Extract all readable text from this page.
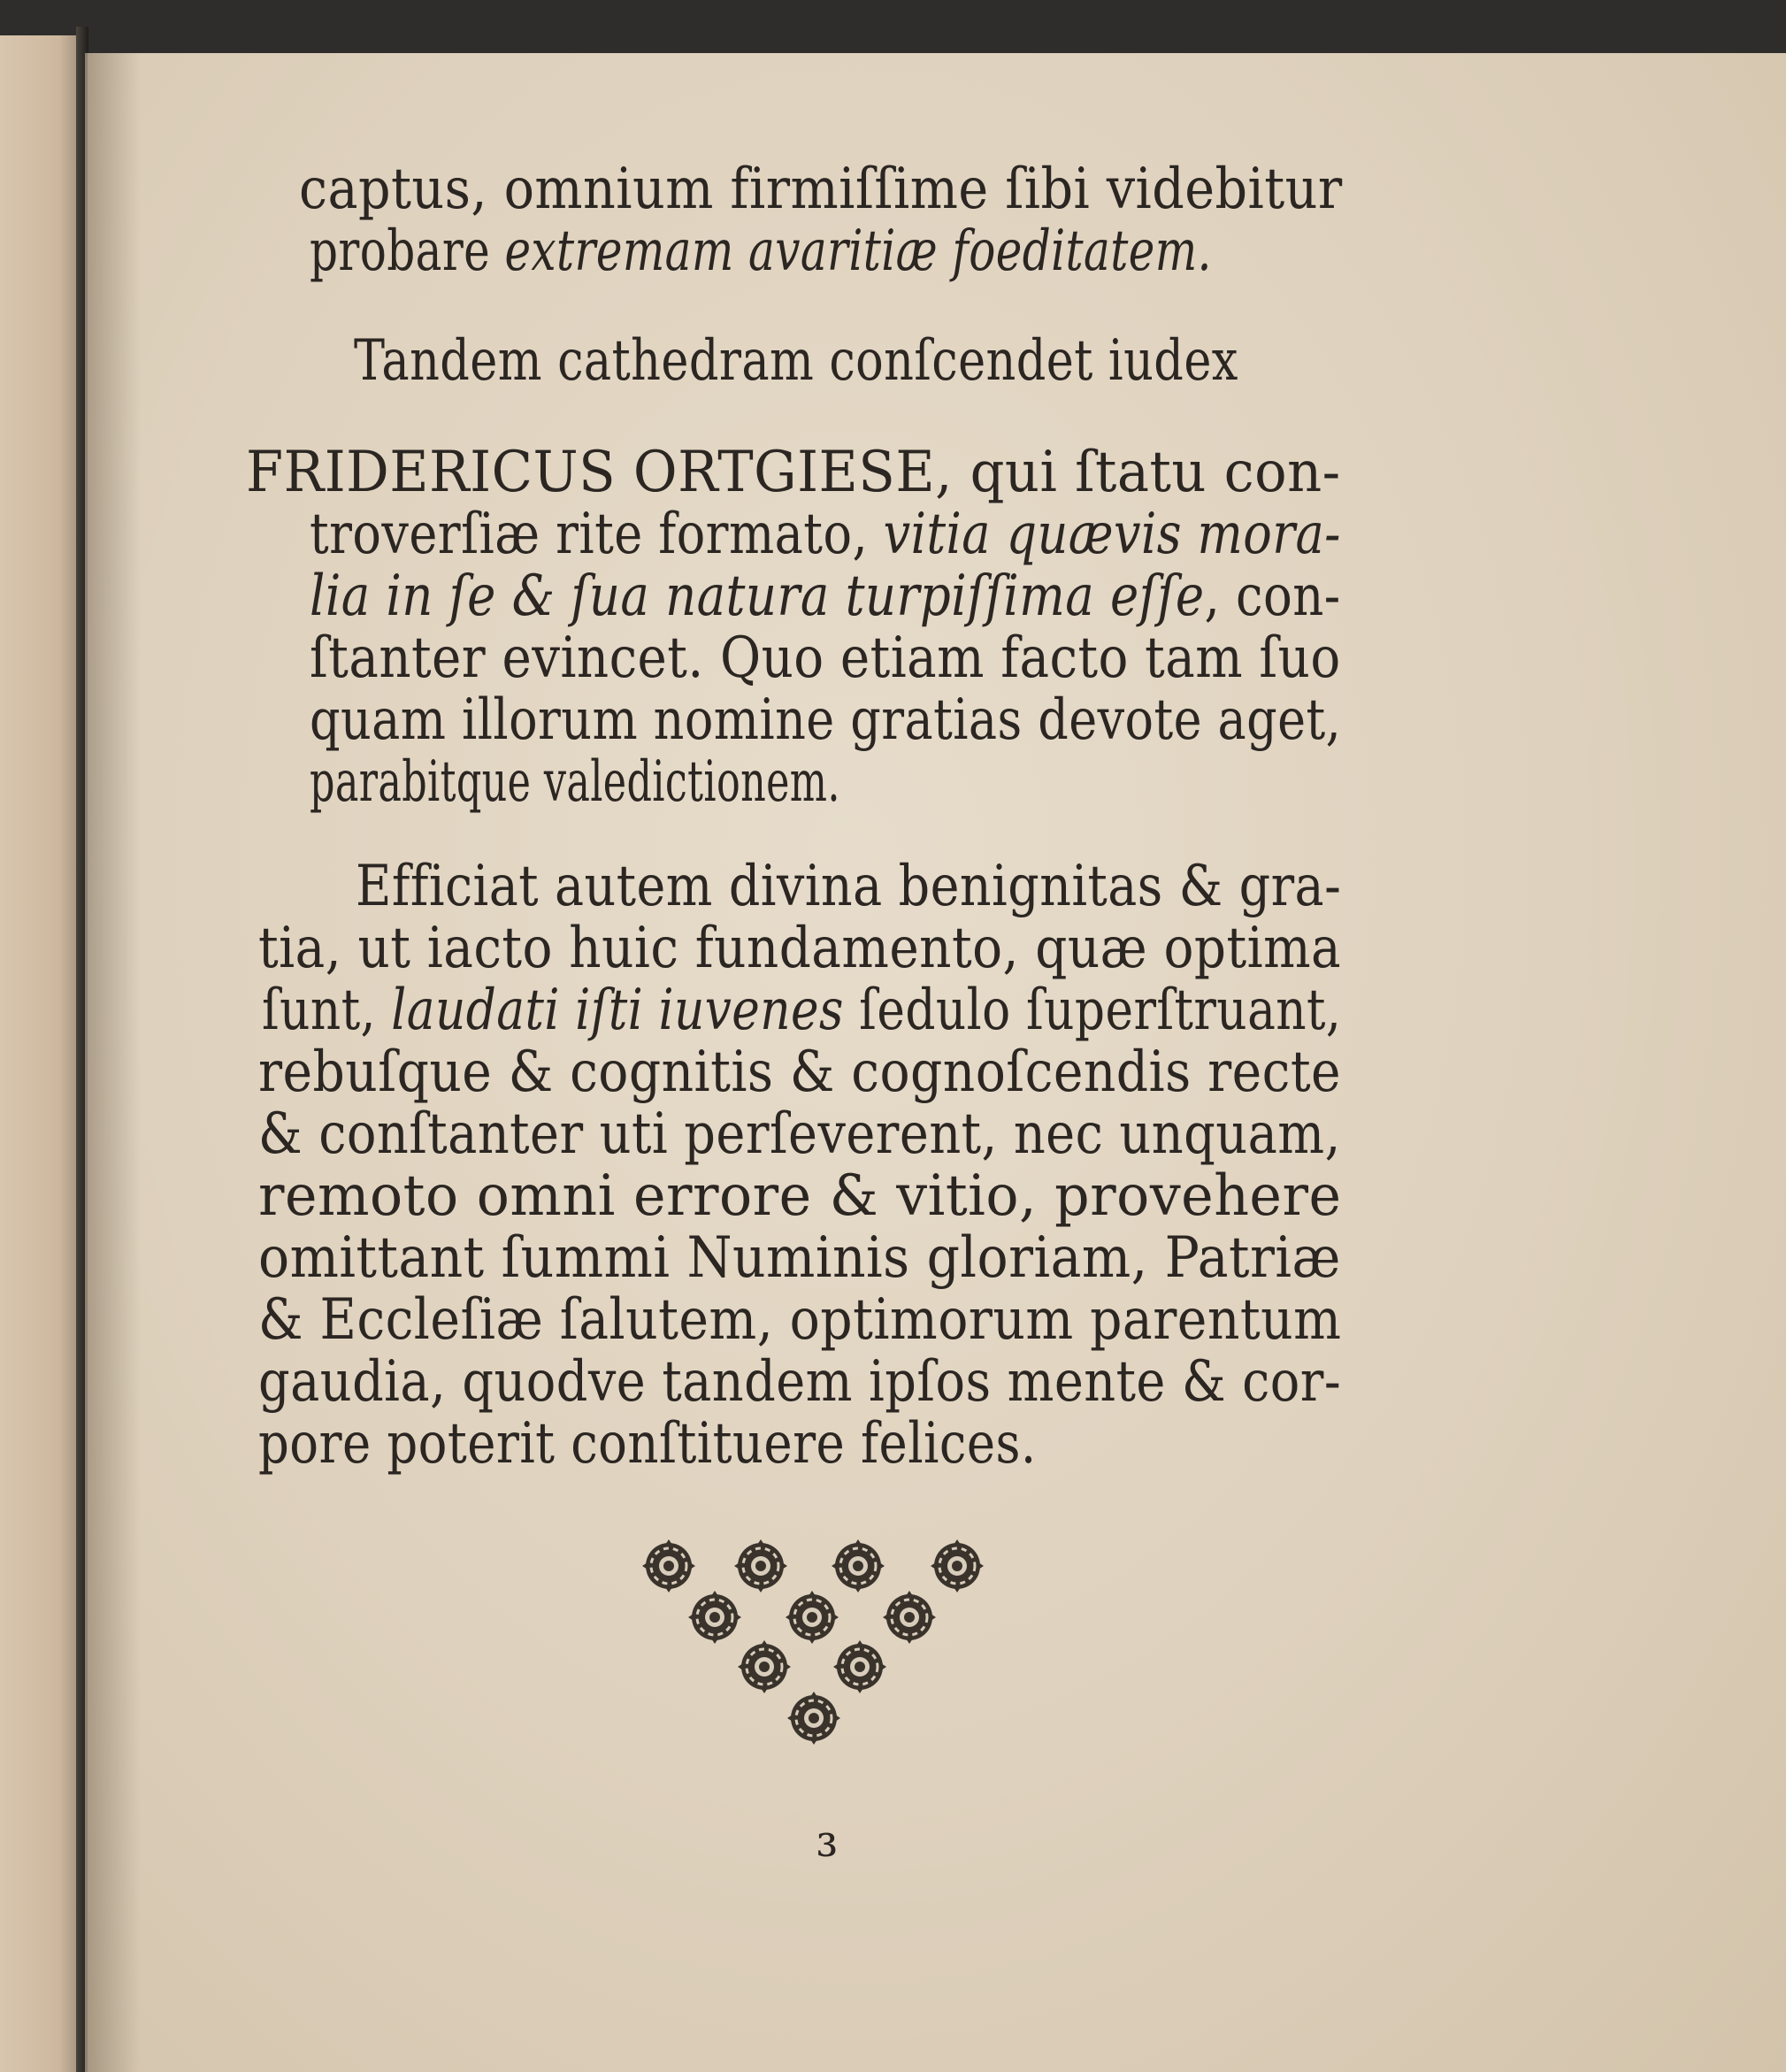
captus, omnium firmiſſime ſibi videbitur
probare extremam avaritiæ foeditatem.
Tandem cathedram conſcendet iudex
FRIDERICUS ORTGIESE, qui ſtatu con-
troverſiæ rite formato, vitia quævis mora-
lia in ſe & ſua natura turpiſſima eſſe, con-
ſtanter evincet. Quo etiam facto tam ſuo
quam illorum nomine gratias devote aget,
parabitque valedictionem.
Efficiat autem divina benignitas & gra-
tia, ut iacto huic fundamento, quæ optima
ſunt, laudati iſti iuvenes ſedulo ſuperſtruant,
rebuſque & cognitis & cognoſcendis recte
& conſtanter uti perſeverent, nec unquam,
remoto omni errore & vitio, provehere
omittant ſummi Numinis gloriam, Patriæ
& Eccleſiæ ſalutem, optimorum parentum
gaudia, quodve tandem ipſos mente & cor-
pore poterit conſtituere felices.
₃
